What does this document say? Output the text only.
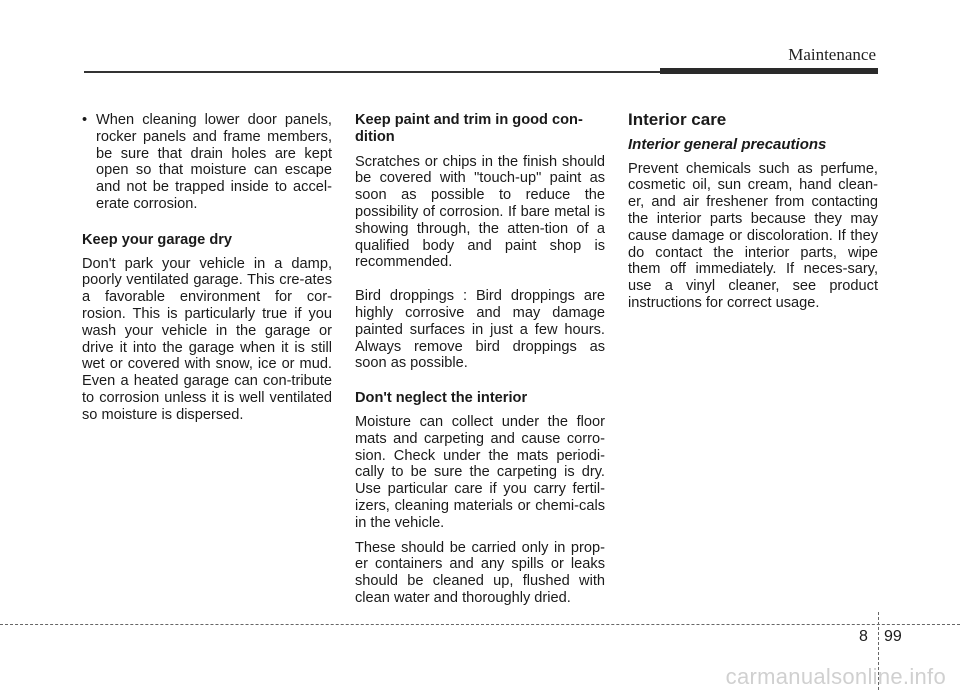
Maintenance
• When cleaning lower door panels, rocker panels and frame members, be sure that drain holes are kept open so that moisture can escape and not be trapped inside to accel-erate corrosion.

Keep your garage dry

Don't park your vehicle in a damp, poorly ventilated garage. This cre-ates a favorable environment for cor-rosion. This is particularly true if you wash your vehicle in the garage or drive it into the garage when it is still wet or covered with snow, ice or mud. Even a heated garage can con-tribute to corrosion unless it is well ventilated so moisture is dispersed.

Keep paint and trim in good con-dition

Scratches or chips in the finish should be covered with "touch-up" paint as soon as possible to reduce the possibility of corrosion. If bare metal is showing through, the atten-tion of a qualified body and paint shop is recommended.

Bird droppings : Bird droppings are highly corrosive and may damage painted surfaces in just a few hours. Always remove bird droppings as soon as possible.

Don't neglect the interior

Moisture can collect under the floor mats and carpeting and cause corro-sion. Check under the mats periodi-cally to be sure the carpeting is dry. Use particular care if you carry fertil-izers, cleaning materials or chemi-cals in the vehicle.

These should be carried only in prop-er containers and any spills or leaks should be cleaned up, flushed with clean water and thoroughly dried.

Interior care

Interior general precautions

Prevent chemicals such as perfume, cosmetic oil, sun cream, hand clean-er, and air freshener from contacting the interior parts because they may cause damage or discoloration. If they do contact the interior parts, wipe them off immediately. If neces-sary, use a vinyl cleaner, see product instructions for correct usage.

8 99
carmanualsonline.info
